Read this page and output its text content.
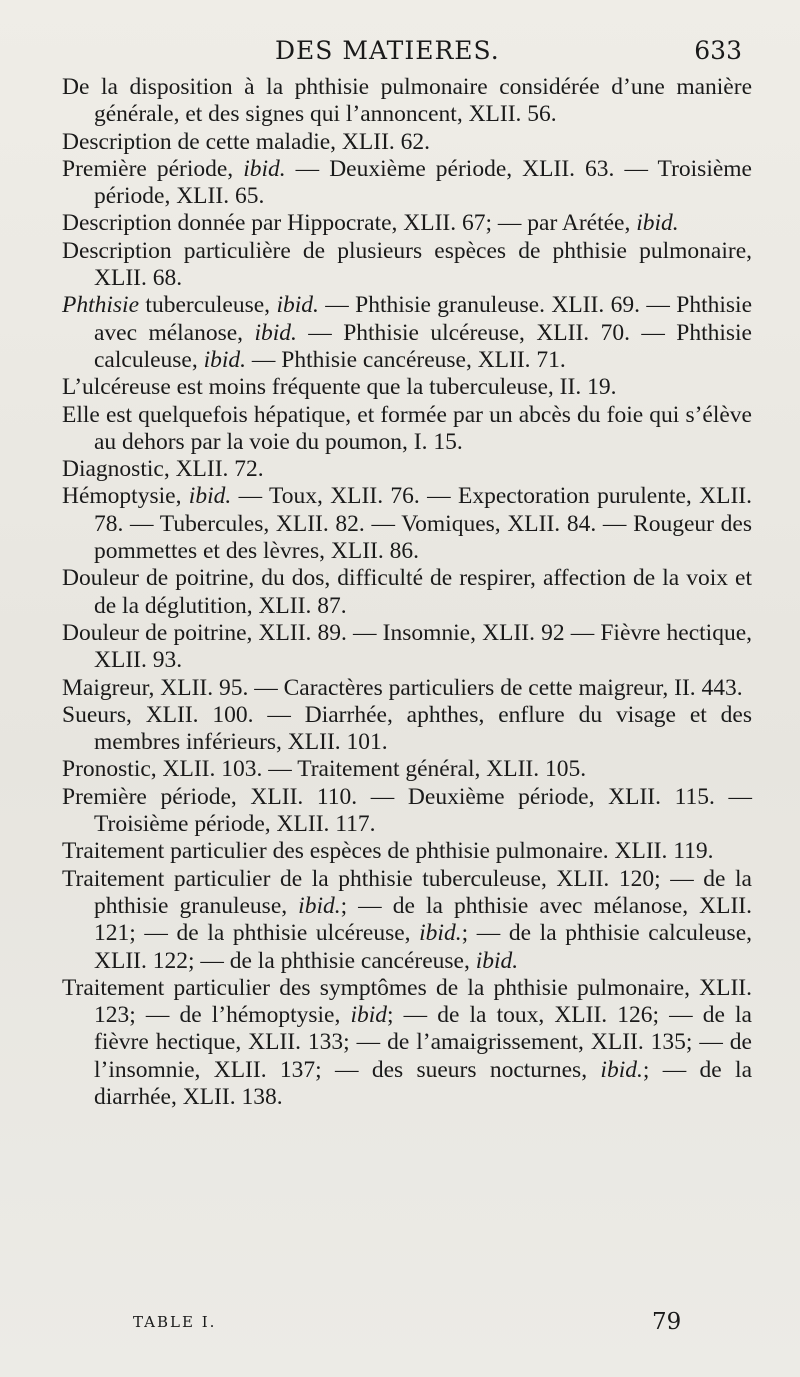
DES MATIERES.	633

De la disposition à la phthisie pulmonaire considérée d’une manière générale, et des signes qui l’annoncent, XLII. 56.

Description de cette maladie, XLII. 62.

Première période, ibid. — Deuxième période, XLII. 63. — Troisième période, XLII. 65.

Description donnée par Hippocrate, XLII. 67; — par Arétée, ibid.

Description particulière de plusieurs espèces de phthisie pulmonaire, XLII. 68.

Phthisie tuberculeuse, ibid. — Phthisie granuleuse. XLII. 69. — Phthisie avec mélanose, ibid. — Phthisie ulcéreuse, XLII. 70. — Phthisie calculeuse, ibid. — Phthisie cancéreuse, XLII. 71.

L’ulcéreuse est moins fréquente que la tuberculeuse, II. 19.

Elle est quelquefois hépatique, et formée par un abcès du foie qui s’élève au dehors par la voie du poumon, I. 15.

Diagnostic, XLII. 72.

Hémoptysie, ibid. — Toux, XLII. 76. — Expectoration purulente, XLII. 78. — Tubercules, XLII. 82. — Vomiques, XLII. 84. — Rougeur des pommettes et des lèvres, XLII. 86.

Douleur de poitrine, du dos, difficulté de respirer, affection de la voix et de la déglutition, XLII. 87.

Douleur de poitrine, XLII. 89. — Insomnie, XLII. 92 — Fièvre hectique, XLII. 93.

Maigreur, XLII. 95. — Caractères particuliers de cette maigreur, II. 443.

Sueurs, XLII. 100. — Diarrhée, aphthes, enflure du visage et des membres inférieurs, XLII. 101.

Pronostic, XLII. 103. — Traitement général, XLII. 105.

Première période, XLII. 110. — Deuxième période, XLII. 115. — Troisième période, XLII. 117.

Traitement particulier des espèces de phthisie pulmonaire. XLII. 119.

Traitement particulier de la phthisie tuberculeuse, XLII. 120; — de la phthisie granuleuse, ibid.; — de la phthisie avec mélanose, XLII. 121; — de la phthisie ulcéreuse, ibid.; — de la phthisie calculeuse, XLII. 122; — de la phthisie cancéreuse, ibid.

Traitement particulier des symptômes de la phthisie pulmonaire, XLII. 123; — de l’hémoptysie, ibid; — de la toux, XLII. 126; — de la fièvre hectique, XLII. 133; — de l’amaigrissement, XLII. 135; — de l’insomnie, XLII. 137; — des sueurs nocturnes, ibid.; — de la diarrhée, XLII. 138.

TABLE I.	79
